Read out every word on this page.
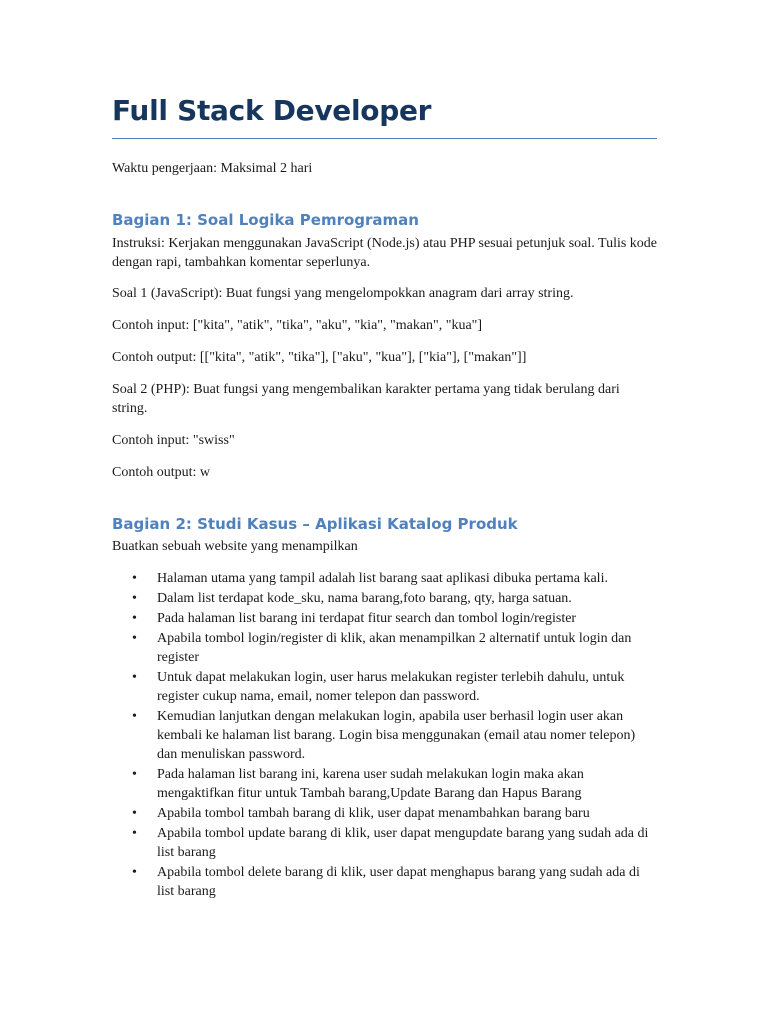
Full Stack Developer

Waktu pengerjaan: Maksimal 2 hari

Bagian 1: Soal Logika Pemrograman

Instruksi: Kerjakan menggunakan JavaScript (Node.js) atau PHP sesuai petunjuk soal. Tulis kode dengan rapi, tambahkan komentar seperlunya.

Soal 1 (JavaScript): Buat fungsi yang mengelompokkan anagram dari array string.

Contoh input: ["kita", "atik", "tika", "aku", "kia", "makan", "kua"]

Contoh output: [["kita", "atik", "tika"], ["aku", "kua"], ["kia"], ["makan"]]

Soal 2 (PHP): Buat fungsi yang mengembalikan karakter pertama yang tidak berulang dari string.

Contoh input: "swiss"

Contoh output: w

Bagian 2: Studi Kasus – Aplikasi Katalog Produk

Buatkan sebuah website yang menampilkan

• Halaman utama yang tampil adalah list barang saat aplikasi dibuka pertama kali.
• Dalam list terdapat kode_sku, nama barang,foto barang, qty, harga satuan.
• Pada halaman list barang ini terdapat fitur search dan tombol login/register
• Apabila tombol login/register di klik, akan menampilkan 2 alternatif untuk login dan register
• Untuk dapat melakukan login, user harus melakukan register terlebih dahulu, untuk register cukup nama, email, nomer telepon dan password.
• Kemudian lanjutkan dengan melakukan login, apabila user berhasil login user akan kembali ke halaman list barang. Login bisa menggunakan (email atau nomer telepon) dan menuliskan password.
• Pada halaman list barang ini, karena user sudah melakukan login maka akan mengaktifkan fitur untuk Tambah barang,Update Barang dan Hapus Barang
• Apabila tombol tambah barang di klik, user dapat menambahkan barang baru
• Apabila tombol update barang di klik, user dapat mengupdate barang yang sudah ada di list barang
• Apabila tombol delete barang di klik, user dapat menghapus barang yang sudah ada di list barang
